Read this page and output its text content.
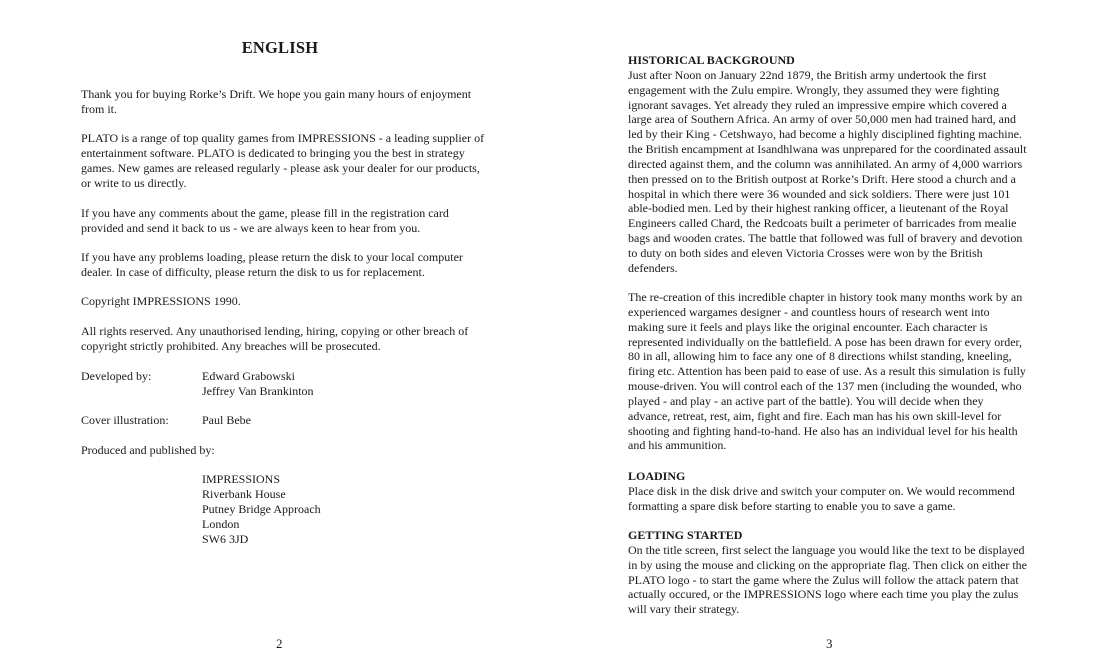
ENGLISH

Thank you for buying Rorke’s Drift. We hope you gain many hours of enjoyment from it.

PLATO is a range of top quality games from IMPRESSIONS - a leading supplier of entertainment software. PLATO is dedicated to bringing you the best in strategy games. New games are released regularly - please ask your dealer for our products, or write to us directly.

If you have any comments about the game, please fill in the registration card provided and send it back to us - we are always keen to hear from you.

If you have any problems loading, please return the disk to your local computer dealer. In case of difficulty, please return the disk to us for replacement.

Copyright IMPRESSIONS 1990.

All rights reserved. Any unauthorised lending, hiring, copying or other breach of copyright strictly prohibited. Any breaches will be prosecuted.

Developed by:	Edward Grabowski
Jeffrey Van Brankinton
Cover illustration:	Paul Bebe
Produced and published by:
IMPRESSIONS
Riverbank House
Putney Bridge Approach
London
SW6 3JD
2

HISTORICAL BACKGROUND
Just after Noon on January 22nd 1879, the British army undertook the first engagement with the Zulu empire. Wrongly, they assumed they were fighting ignorant savages. Yet already they ruled an impressive empire which covered a large area of Southern Africa. An army of over 50,000 men had trained hard, and led by their King - Cetshwayo, had become a highly disciplined fighting machine. the British encampment at Isandhlwana was unprepared for the coordinated assault directed against them, and the column was annihilated. An army of 4,000 warriors then pressed on to the British outpost at Rorke’s Drift. Here stood a church and a hospital in which there were 36 wounded and sick soldiers. There were just 101 able-bodied men. Led by their highest ranking officer, a lieutenant of the Royal Engineers called Chard, the Redcoats built a perimeter of barricades from mealie bags and wooden crates. The battle that followed was full of bravery and devotion to duty on both sides and eleven Victoria Crosses were won by the British defenders.

The re-creation of this incredible chapter in history took many months work by an experienced wargames designer - and countless hours of research went into making sure it feels and plays like the original encounter. Each character is represented individually on the battlefield. A pose has been drawn for every order, 80 in all, allowing him to face any one of 8 directions whilst standing, kneeling, firing etc. Attention has been paid to ease of use. As a result this simulation is fully mouse-driven. You will control each of the 137 men (including the wounded, who played - and play - an active part of the battle). You will decide when they advance, retreat, rest, aim, fight and fire. Each man has his own skill-level for shooting and fighting hand-to-hand. He also has an individual level for his health and his ammunition.

LOADING
Place disk in the disk drive and switch your computer on. We would recommend formatting a spare disk before starting to enable you to save a game.

GETTING STARTED
On the title screen, first select the language you would like the text to be displayed in by using the mouse and clicking on the appropriate flag. Then click on either the PLATO logo - to start the game where the Zulus will follow the attack patern that actually occured, or the IMPRESSIONS logo where each time you play the zulus will vary their strategy.

3
